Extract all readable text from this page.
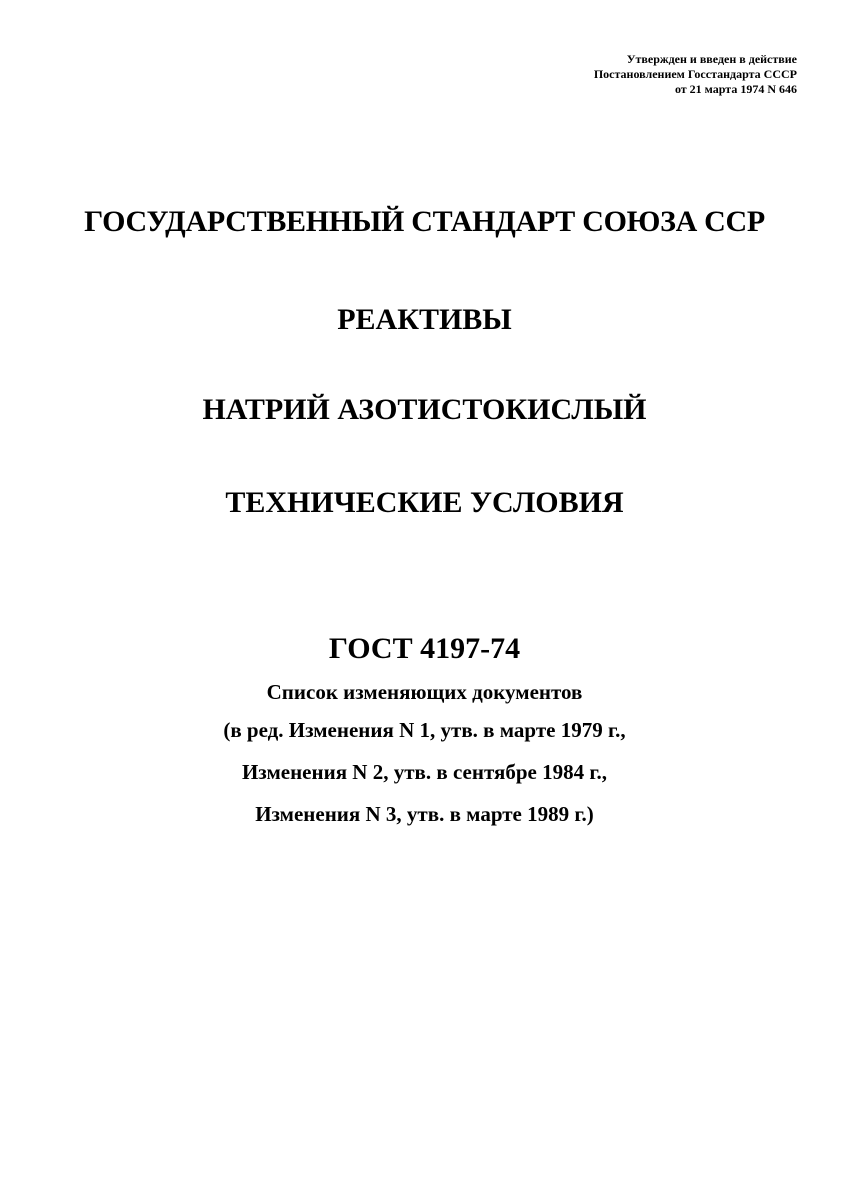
Утвержден и введен в действие
Постановлением Госстандарта СССР
от 21 марта 1974 N 646
ГОСУДАРСТВЕННЫЙ СТАНДАРТ СОЮЗА ССР
РЕАКТИВЫ
НАТРИЙ АЗОТИСТОКИСЛЫЙ
ТЕХНИЧЕСКИЕ УСЛОВИЯ
ГОСТ 4197-74
Список изменяющих документов
(в ред. Изменения N 1, утв. в марте 1979 г.,
Изменения N 2, утв. в сентябре 1984 г.,
Изменения N 3, утв. в марте 1989 г.)
